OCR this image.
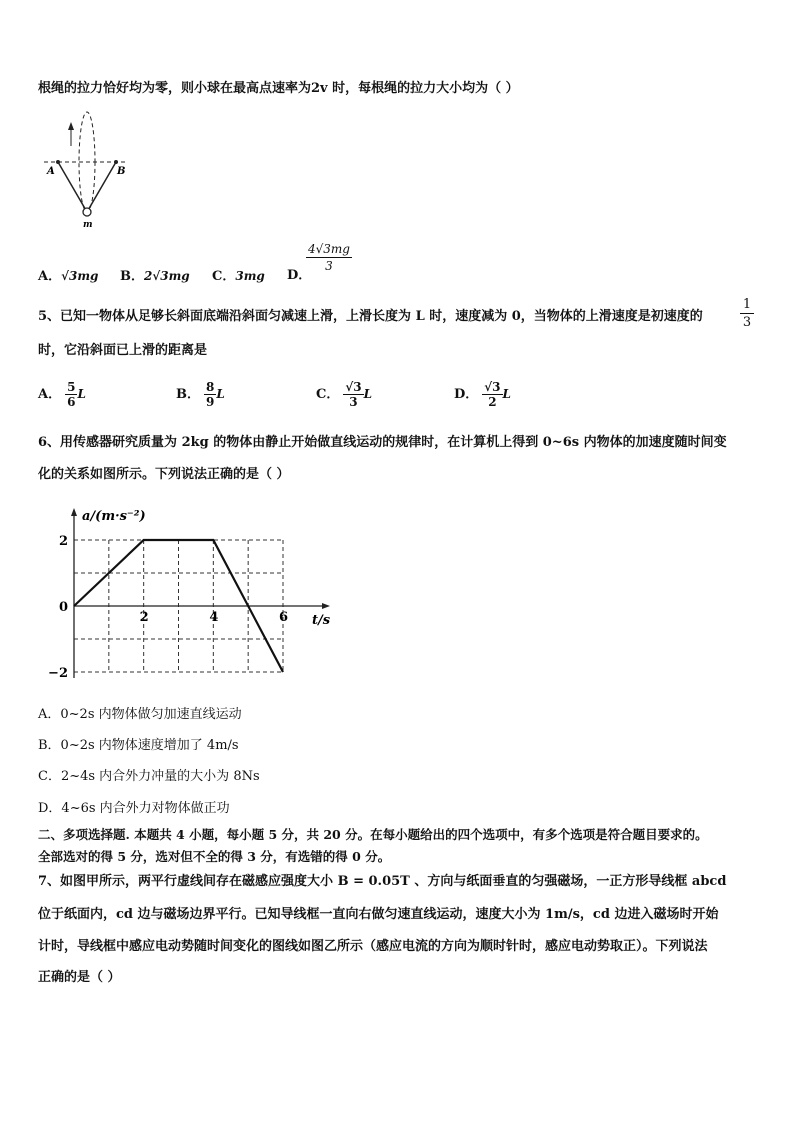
根绳的拉力恰好均为零，则小球在最高点速率为2v 时，每根绳的拉力大小均为（ ）
A	B
m
A．√3mg B．2√3mg C．3mg D．
4√3mg
3
5、已知一物体从足够长斜面底端沿斜面匀减速上滑，上滑长度为 L 时，速度减为 0，当物体的上滑速度是初速度的
1
3
时，它沿斜面已上滑的距离是
A． $\frac{5}{6}$ L	B． $\frac{8}{9}$ L	C． $\frac{√3}{3}$ L	D． $\frac{√3}{2}$ L
6、用传感器研究质量为 2kg 的物体由静止开始做直线运动的规律时，在计算机上得到 0~6s 内物体的加速度随时间变
化的关系如图所示。下列说法正确的是（ ）
2	4	6
2
0
−2
a/(m·s⁻²)
t/s
A．0~2s 内物体做匀加速直线运动
B．0~2s 内物体速度增加了 4m/s
C．2~4s 内合外力冲量的大小为 8Ns
D．4~6s 内合外力对物体做正功
二、多项选择题. 本题共 4 小题，每小题 5 分，共 20 分。在每小题给出的四个选项中，有多个选项是符合题目要求的。
全部选对的得 5 分，选对但不全的得 3 分，有选错的得 0 分。
7、如图甲所示，两平行虚线间存在磁感应强度大小 B = 0.05T 、方向与纸面垂直的匀强磁场，一正方形导线框 abcd
位于纸面内，cd 边与磁场边界平行。已知导线框一直向右做匀速直线运动，速度大小为 1m/s，cd 边进入磁场时开始
计时，导线框中感应电动势随时间变化的图线如图乙所示（感应电流的方向为顺时针时，感应电动势取正）。下列说法
正确的是（ ）
